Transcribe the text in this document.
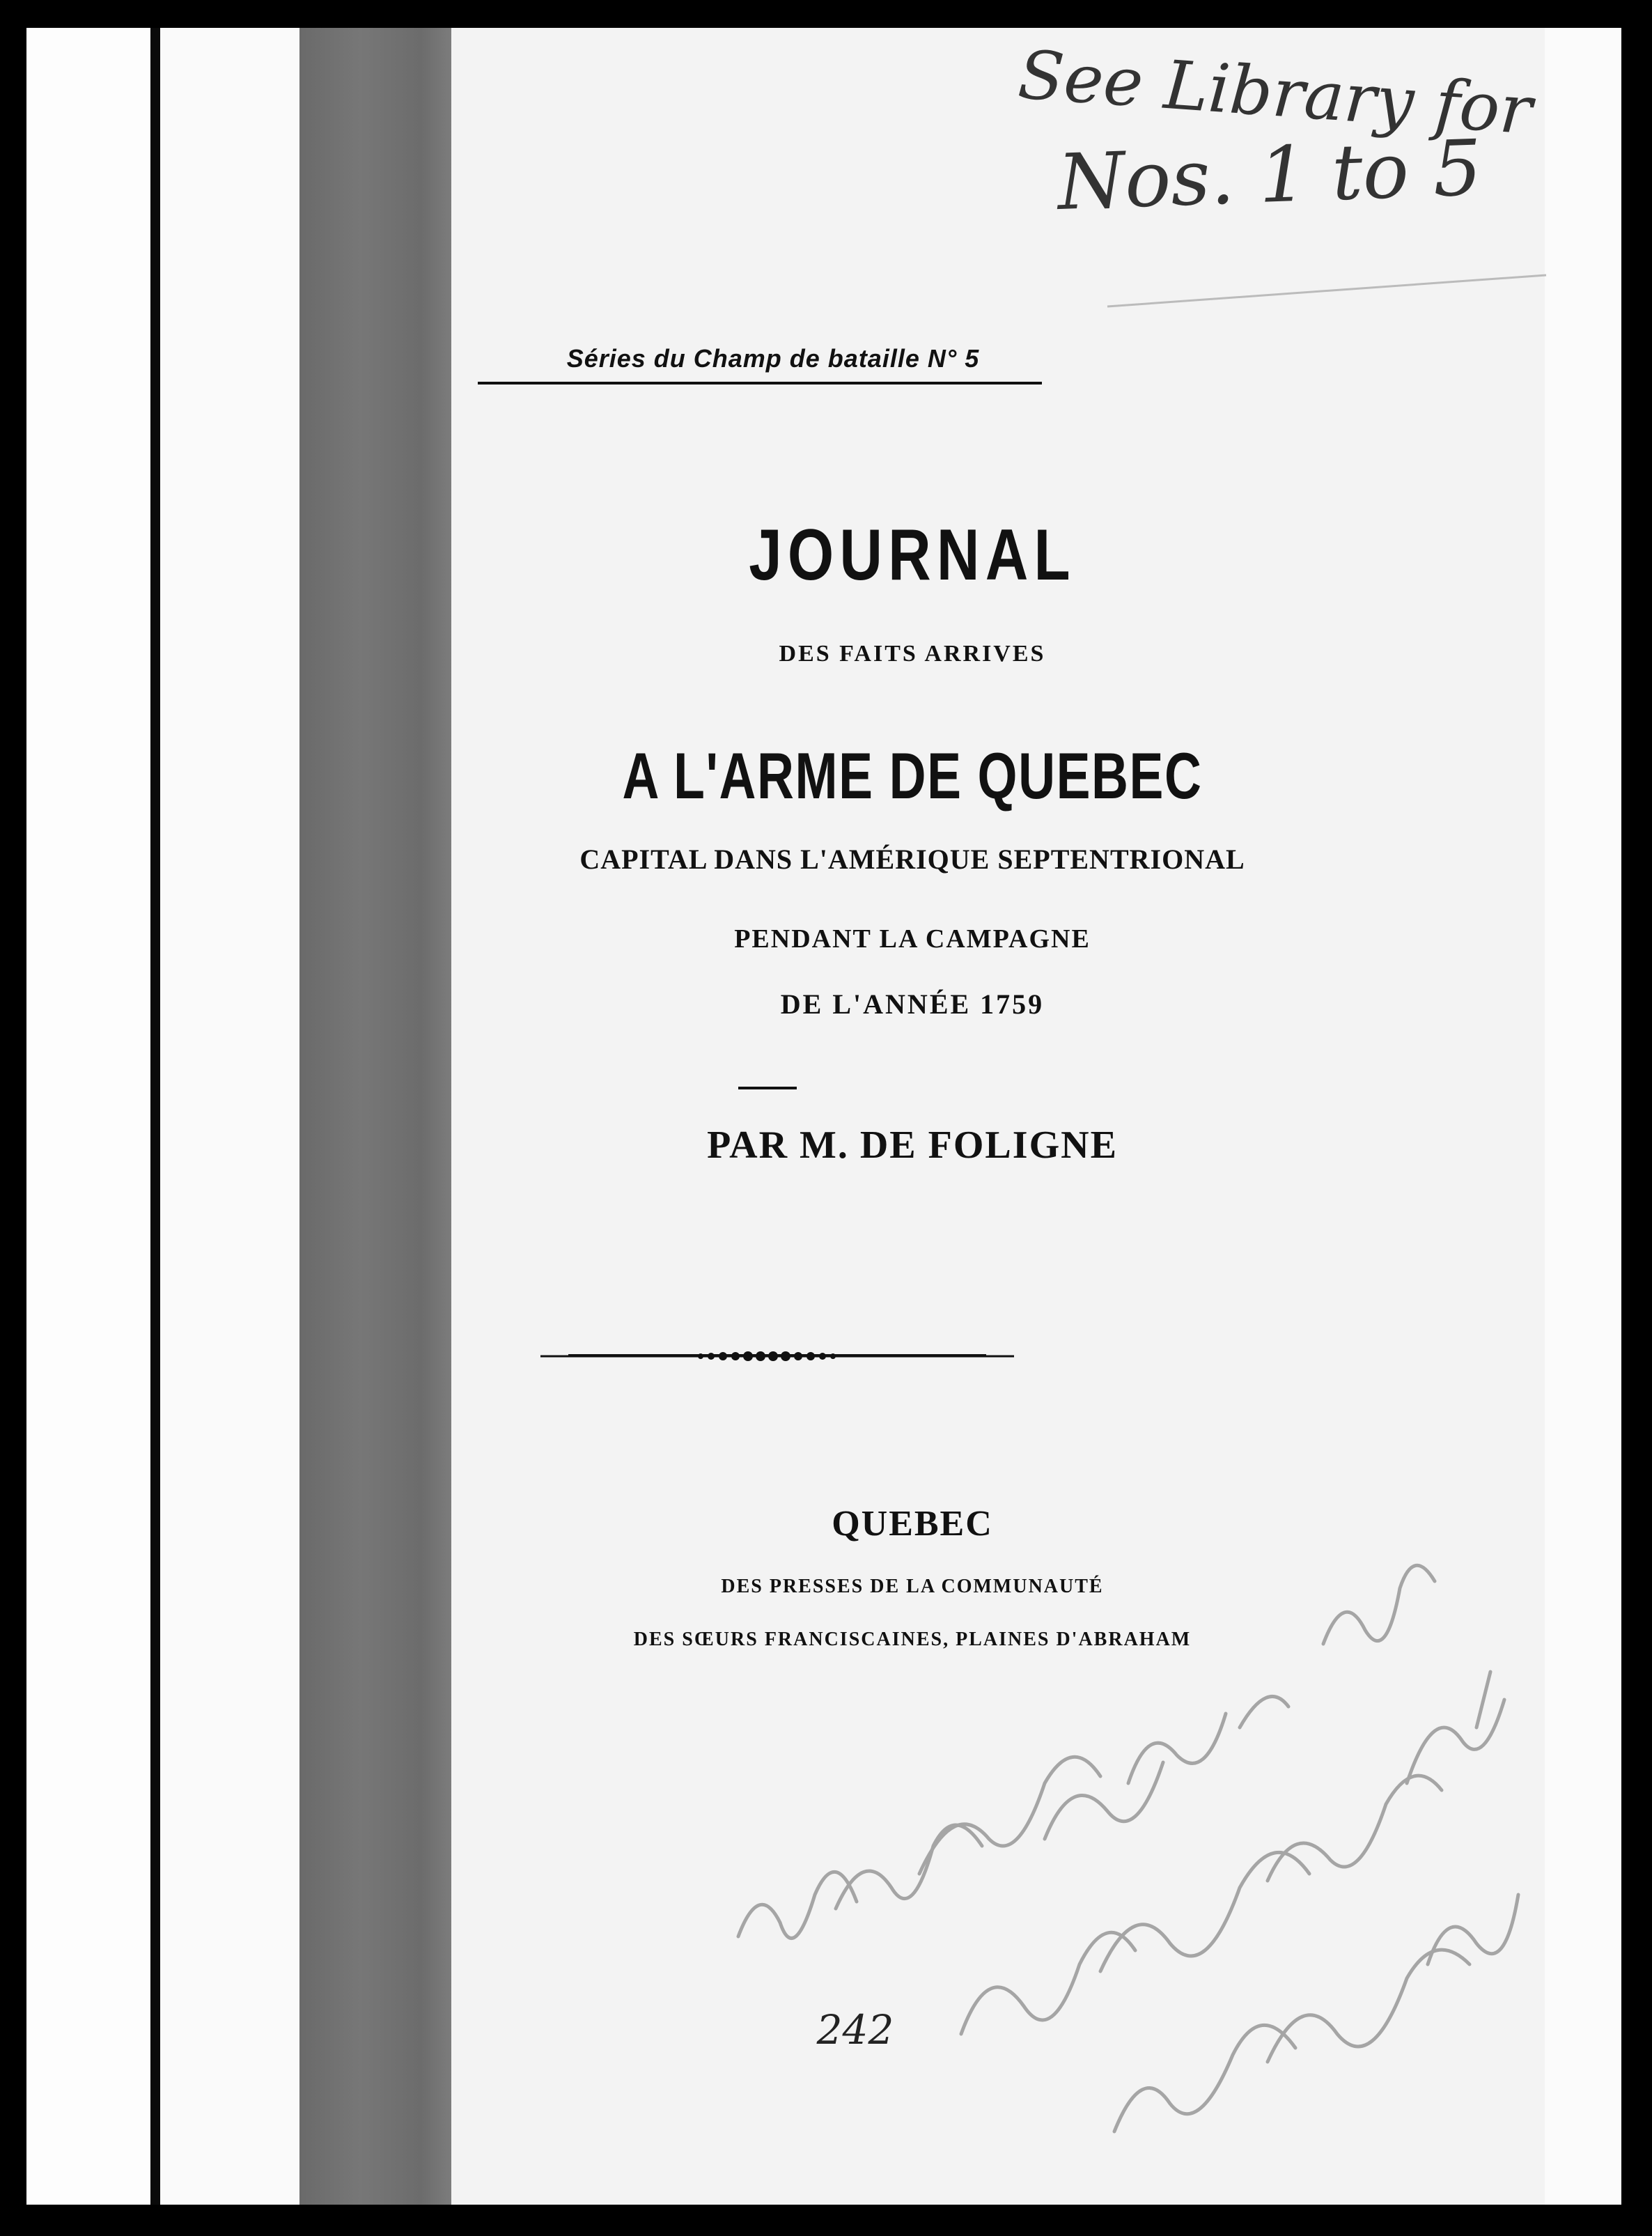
Séries du Champ de bataille N° 5
JOURNAL
DES FAITS ARRIVES
A L'ARME DE QUEBEC
CAPITAL DANS L'AMÉRIQUE SEPTENTRIONAL
PENDANT LA CAMPAGNE
DE L'ANNÉE 1759
PAR M. DE FOLIGNE
QUEBEC
DES PRESSES DE LA COMMUNAUTÉ
DES SŒURS FRANCISCAINES, PLAINES D'ABRAHAM
See Library for
Nos. 1 to 5
242
